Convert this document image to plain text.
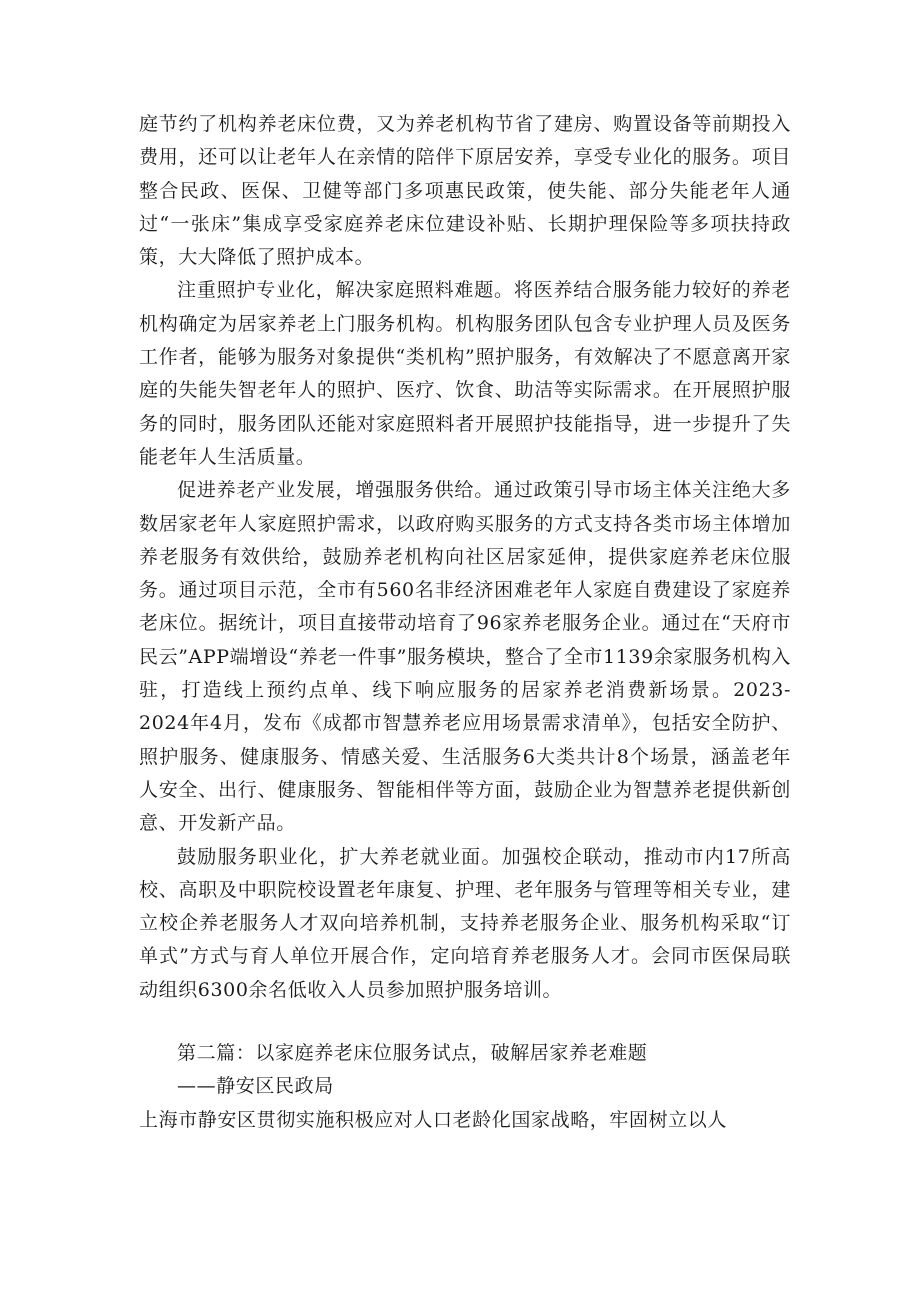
庭节约了机构养老床位费，又为养老机构节省了建房、购置设备等前期投入费用，还可以让老年人在亲情的陪伴下原居安养，享受专业化的服务。项目整合民政、医保、卫健等部门多项惠民政策，使失能、部分失能老年人通过“一张床”集成享受家庭养老床位建设补贴、长期护理保险等多项扶持政策，大大降低了照护成本。

注重照护专业化，解决家庭照料难题。将医养结合服务能力较好的养老机构确定为居家养老上门服务机构。机构服务团队包含专业护理人员及医务工作者，能够为服务对象提供“类机构”照护服务，有效解决了不愿意离开家庭的失能失智老年人的照护、医疗、饮食、助洁等实际需求。在开展照护服务的同时，服务团队还能对家庭照料者开展照护技能指导，进一步提升了失能老年人生活质量。

促进养老产业发展，增强服务供给。通过政策引导市场主体关注绝大多数居家老年人家庭照护需求，以政府购买服务的方式支持各类市场主体增加养老服务有效供给，鼓励养老机构向社区居家延伸，提供家庭养老床位服务。通过项目示范，全市有560名非经济困难老年人家庭自费建设了家庭养老床位。据统计，项目直接带动培育了96家养老服务企业。通过在“天府市民云”APP端增设“养老一件事”服务模块，整合了全市1139余家服务机构入驻，打造线上预约点单、线下响应服务的居家养老消费新场景。2023-2024年4月，发布《成都市智慧养老应用场景需求清单》，包括安全防护、照护服务、健康服务、情感关爱、生活服务6大类共计8个场景，涵盖老年人安全、出行、健康服务、智能相伴等方面，鼓励企业为智慧养老提供新创意、开发新产品。

鼓励服务职业化，扩大养老就业面。加强校企联动，推动市内17所高校、高职及中职院校设置老年康复、护理、老年服务与管理等相关专业，建立校企养老服务人才双向培养机制，支持养老服务企业、服务机构采取“订单式”方式与育人单位开展合作，定向培育养老服务人才。会同市医保局联动组织6300余名低收入人员参加照护服务培训。

第二篇：以家庭养老床位服务试点，破解居家养老难题

——静安区民政局

上海市静安区贯彻实施积极应对人口老龄化国家战略，牢固树立以人
